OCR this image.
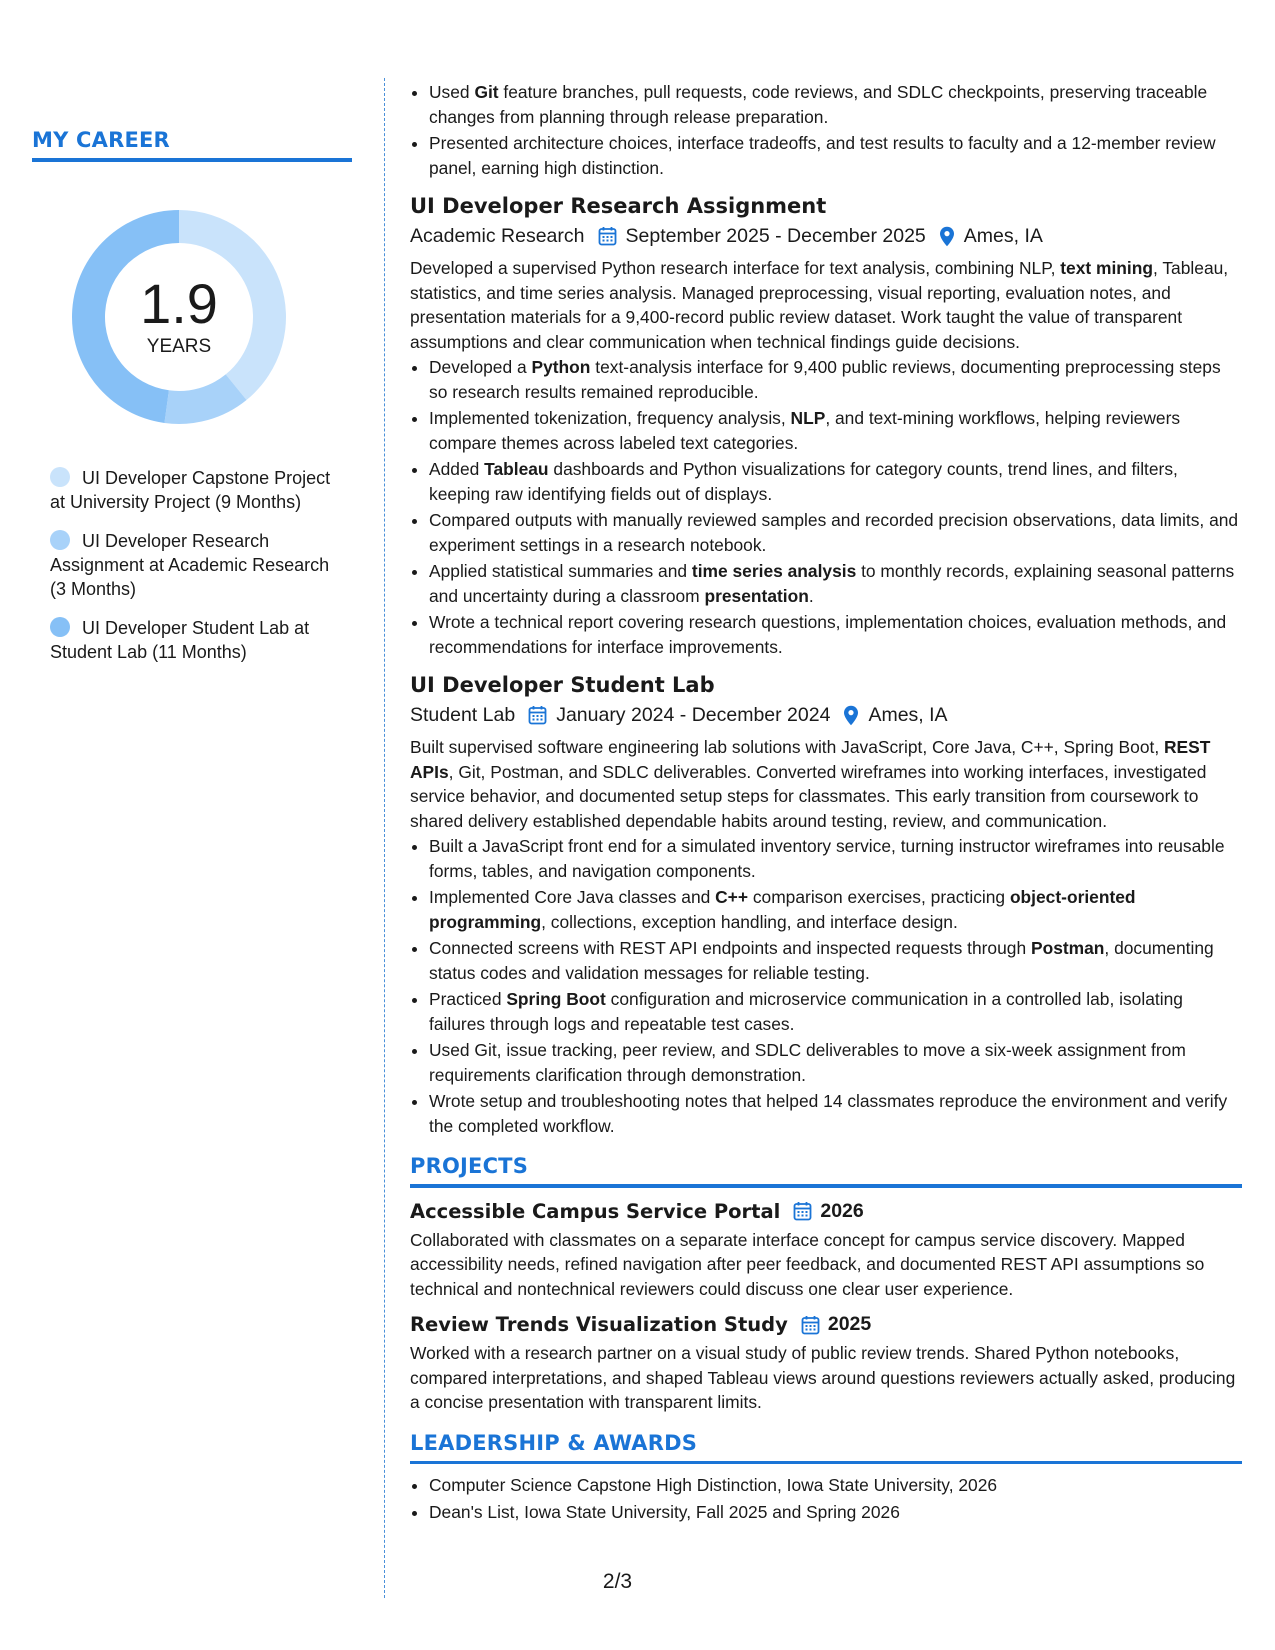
MY CAREER
1.9
YEARS
UI Developer Capstone Project at University Project (9 Months)
UI Developer Research Assignment at Academic Research (3 Months)
UI Developer Student Lab at Student Lab (11 Months)
• Used Git feature branches, pull requests, code reviews, and SDLC checkpoints, preserving traceable changes from planning through release preparation.
• Presented architecture choices, interface tradeoffs, and test results to faculty and a 12-member review panel, earning high distinction.
UI Developer Research Assignment
Academic Research September 2025 - December 2025 Ames, IA

Developed a supervised Python research interface for text analysis, combining NLP, text mining, Tableau, statistics, and time series analysis. Managed preprocessing, visual reporting, evaluation notes, and presentation materials for a 9,400-record public review dataset. Work taught the value of transparent assumptions and clear communication when technical findings guide decisions.

• Developed a Python text-analysis interface for 9,400 public reviews, documenting preprocessing steps so research results remained reproducible.
• Implemented tokenization, frequency analysis, NLP, and text-mining workflows, helping reviewers compare themes across labeled text categories.
• Added Tableau dashboards and Python visualizations for category counts, trend lines, and filters, keeping raw identifying fields out of displays.
• Compared outputs with manually reviewed samples and recorded precision observations, data limits, and experiment settings in a research notebook.
• Applied statistical summaries and time series analysis to monthly records, explaining seasonal patterns and uncertainty during a classroom presentation.
• Wrote a technical report covering research questions, implementation choices, evaluation methods, and recommendations for interface improvements.
UI Developer Student Lab
Student Lab January 2024 - December 2024 Ames, IA

Built supervised software engineering lab solutions with JavaScript, Core Java, C++, Spring Boot, REST APIs, Git, Postman, and SDLC deliverables. Converted wireframes into working interfaces, investigated service behavior, and documented setup steps for classmates. This early transition from coursework to shared delivery established dependable habits around testing, review, and communication.

• Built a JavaScript front end for a simulated inventory service, turning instructor wireframes into reusable forms, tables, and navigation components.
• Implemented Core Java classes and C++ comparison exercises, practicing object-oriented programming, collections, exception handling, and interface design.
• Connected screens with REST API endpoints and inspected requests through Postman, documenting status codes and validation messages for reliable testing.
• Practiced Spring Boot configuration and microservice communication in a controlled lab, isolating failures through logs and repeatable test cases.
• Used Git, issue tracking, peer review, and SDLC deliverables to move a six-week assignment from requirements clarification through demonstration.
• Wrote setup and troubleshooting notes that helped 14 classmates reproduce the environment and verify the completed workflow.
PROJECTS
Accessible Campus Service Portal 2026

Collaborated with classmates on a separate interface concept for campus service discovery. Mapped accessibility needs, refined navigation after peer feedback, and documented REST API assumptions so technical and nontechnical reviewers could discuss one clear user experience.

Review Trends Visualization Study 2025

Worked with a research partner on a visual study of public review trends. Shared Python notebooks, compared interpretations, and shaped Tableau views around questions reviewers actually asked, producing a concise presentation with transparent limits.

LEADERSHIP & AWARDS
• Computer Science Capstone High Distinction, Iowa State University, 2026
• Dean's List, Iowa State University, Fall 2025 and Spring 2026
2/3
